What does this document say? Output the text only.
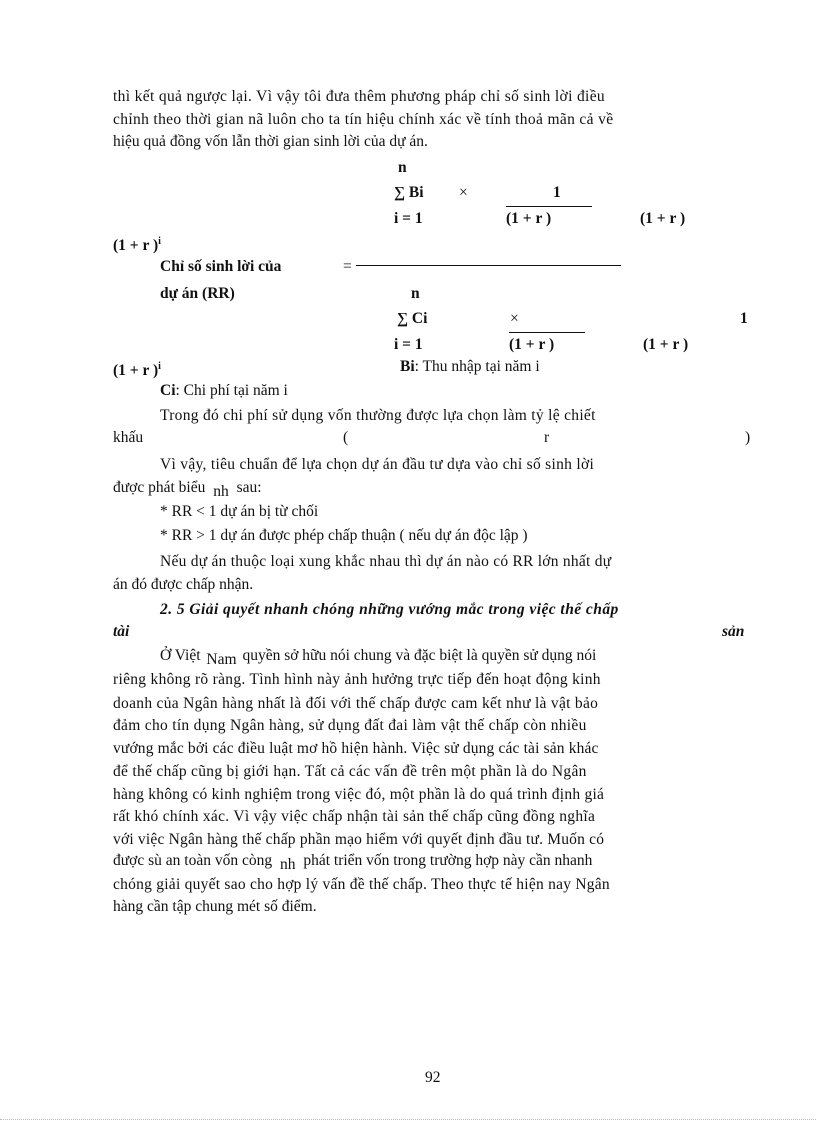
thì kết quả ngược lại. Vì vậy tôi đưa thêm phương pháp chỉ số sinh lời điều
chỉnh theo thời gian nã luôn cho ta tín hiệu chính xác về tính thoả mãn cả về
hiệu quả đồng vốn lẫn thời gian sinh lời của dự án.
n
∑ Bi ×	1
i = 1	(1 + r )	(1 + r )
(1 + r )$^i$
Chỉ số sinh lời của	=
dự án (RR)	n
∑ Ci	×	1
i = 1	(1 + r )	(1 + r )
(1 + r )$^i$	Bi: Thu nhập tại năm i
Ci: Chi phí tại năm i
Trong đó chi phí sử dụng vốn thường được lựa chọn làm tỷ lệ chiết
khấu	(	r	)
Vì vậy, tiêu chuẩn để lựa chọn dự án đầu tư dựa vào chỉ số sinh lời
được phát biểu nh sau:
* RR < 1 dự án bị từ chối
* RR > 1 dự án được phép chấp thuận ( nếu dự án độc lập )
Nếu dự án thuộc loại xung khắc nhau thì dự án nào có RR lớn nhất dự
án đó được chấp nhận.
2. 5 Giải quyết nhanh chóng những vướng mắc trong việc thế chấp
tài	sản
Ở Việt Nam quyền sở hữu nói chung và đặc biệt là quyền sử dụng nói
riêng không rõ ràng. Tình hình này ảnh hưởng trực tiếp đến hoạt động kinh
doanh của Ngân hàng nhất là đối với thế chấp được cam kết như là vật bảo
đảm cho tín dụng Ngân hàng, sử dụng đất đai làm vật thế chấp còn nhiều
vướng mắc bởi các điều luật mơ hồ hiện hành. Việc sử dụng các tài sản khác
để thế chấp cũng bị giới hạn. Tất cả các vấn đề trên một phần là do Ngân
hàng không có kinh nghiệm trong việc đó, một phần là do quá trình định giá
rất khó chính xác. Vì vậy việc chấp nhận tài sản thế chấp cũng đồng nghĩa
với việc Ngân hàng thế chấp phần mạo hiểm với quyết định đầu tư. Muốn có
được sù an toàn vốn còng nh phát triển vốn trong trường hợp này cần nhanh
chóng giải quyết sao cho hợp lý vấn đề thế chấp. Theo thực tế hiện nay Ngân
hàng cần tập chung mét số điểm.
92
